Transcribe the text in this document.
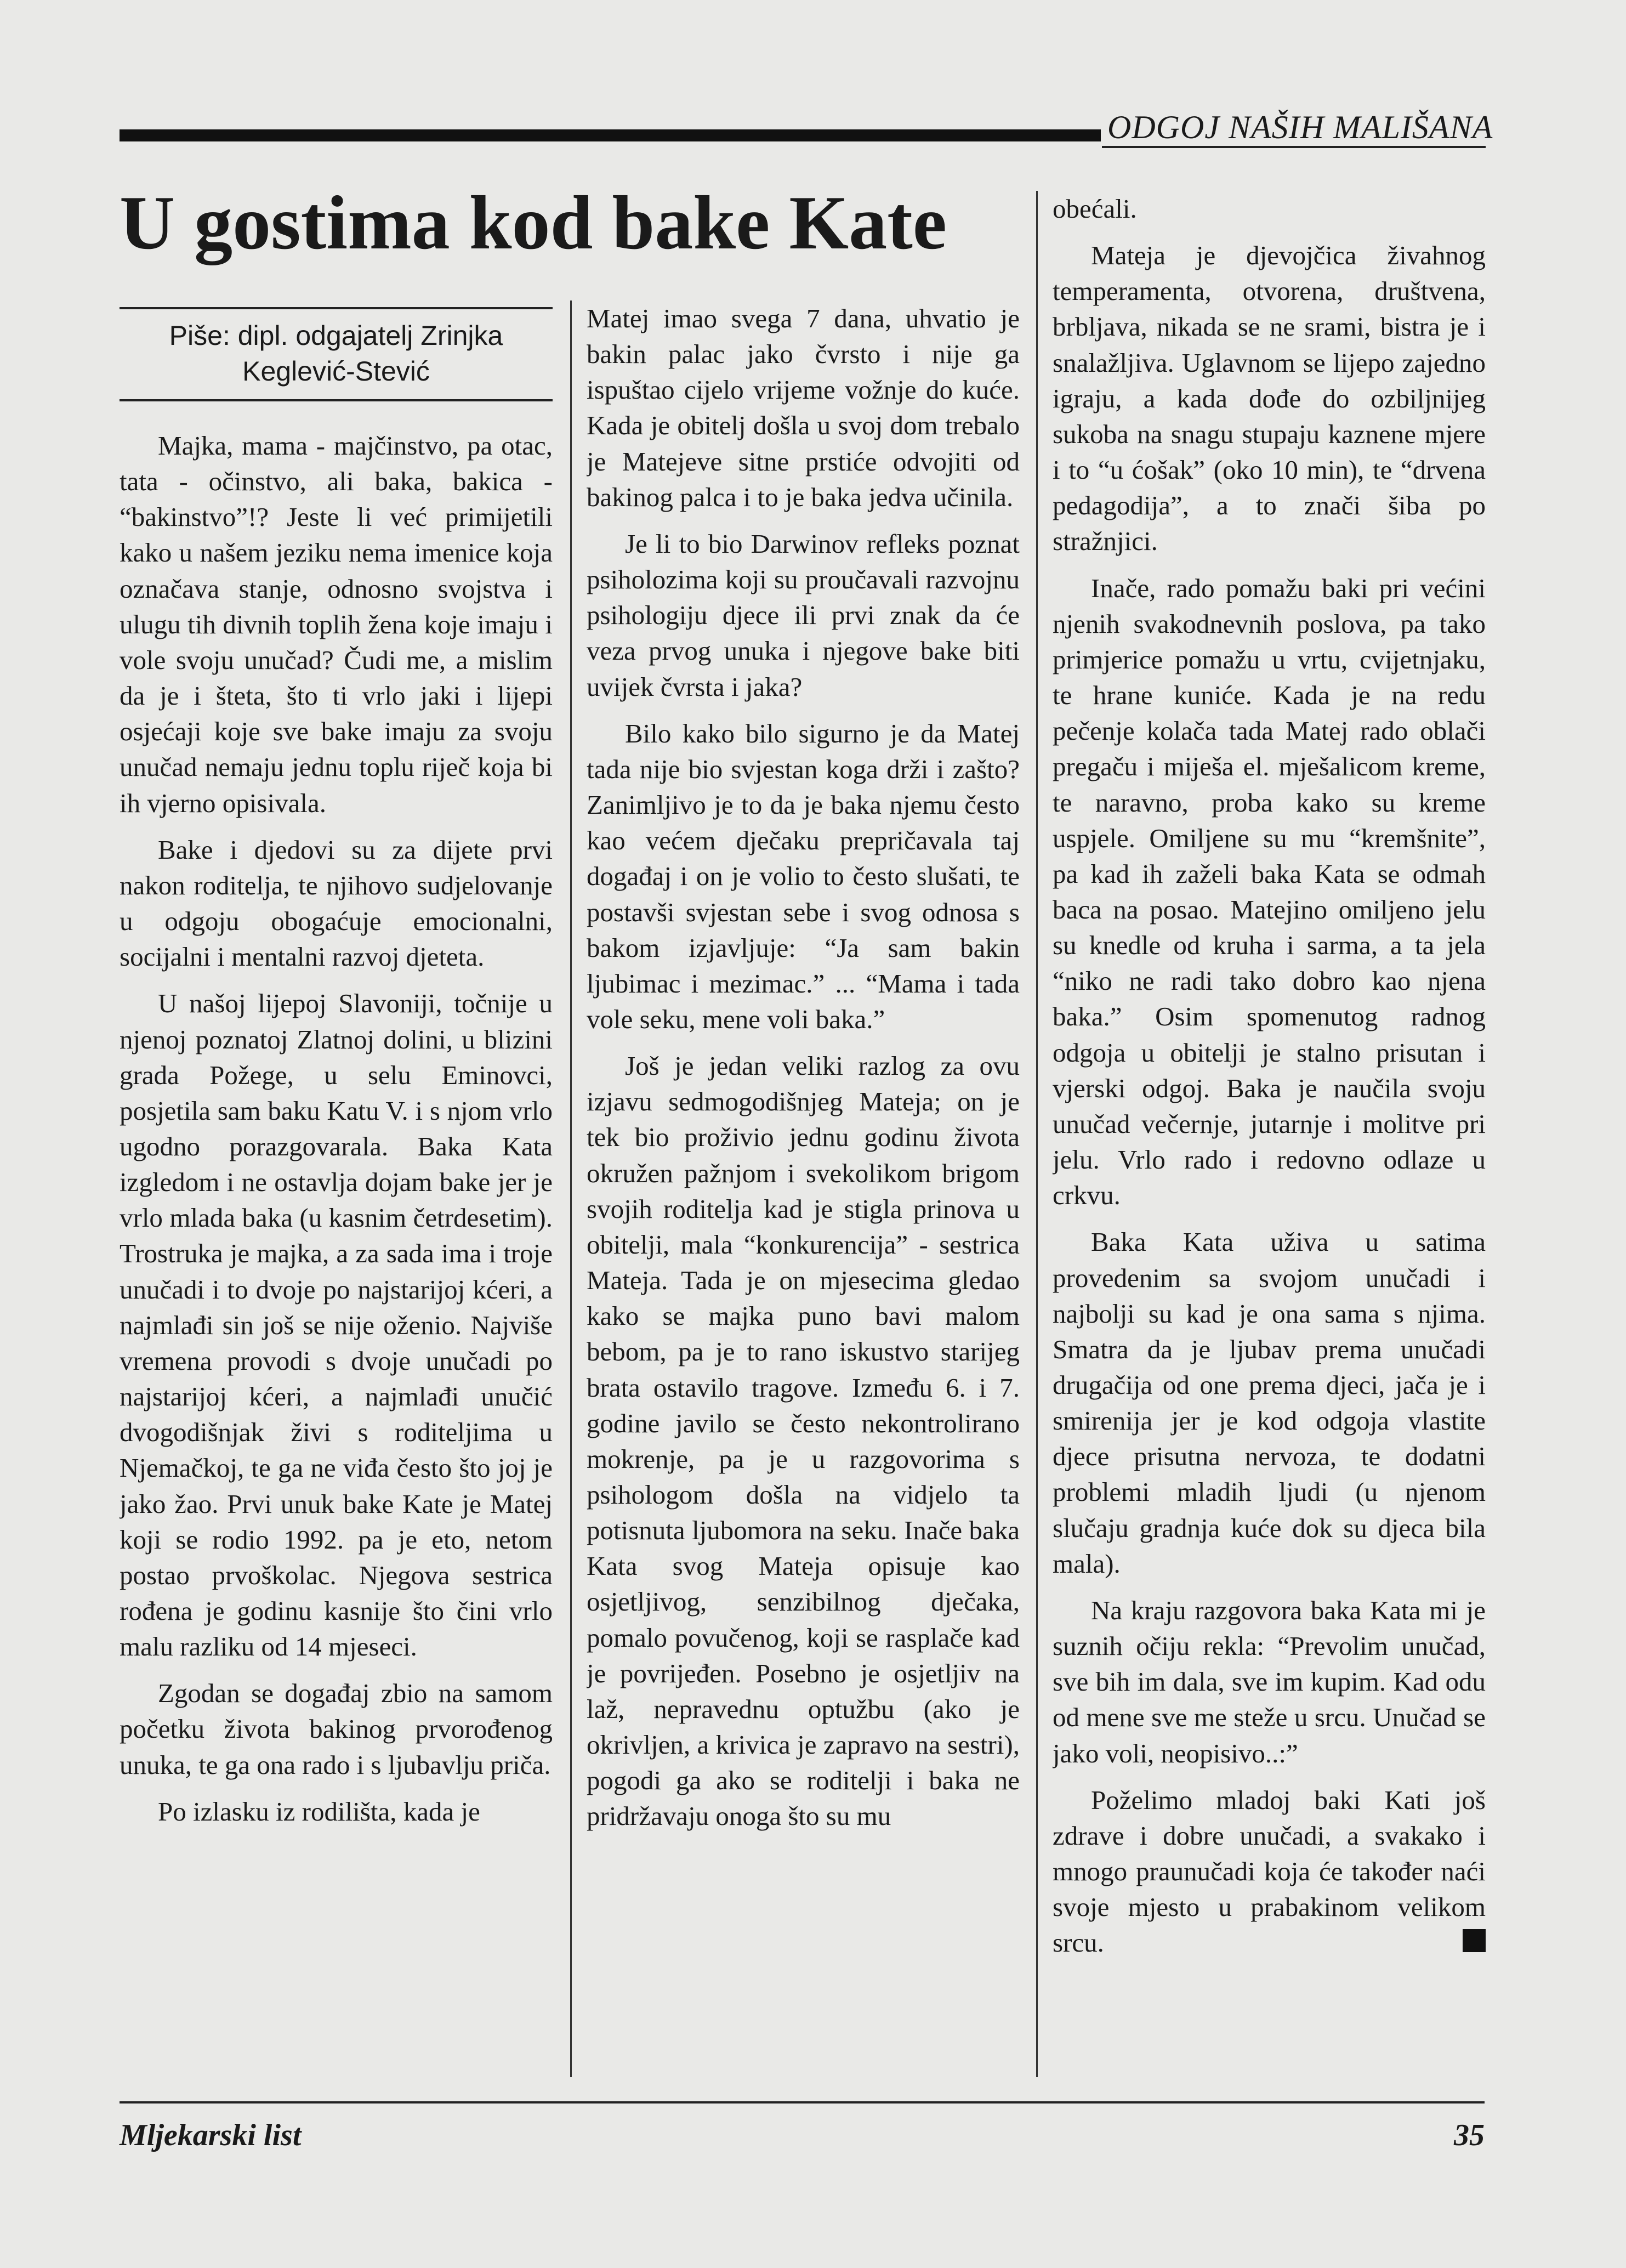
ODGOJ NAŠIH MALIŠANA
U gostima kod bake Kate
Piše: dipl. odgajatelj Zrinjka
Keglević-Stević

Majka, mama - majčinstvo, pa otac, tata - očinstvo, ali baka, bakica - “bakinstvo”!? Jeste li već primijetili kako u našem jeziku nema imenice koja označava stanje, odnosno svojstva i ulugu tih divnih toplih žena koje imaju i vole svoju unučad? Čudi me, a mislim da je i šteta, što ti vrlo jaki i lijepi osjećaji koje sve bake imaju za svoju unučad nemaju jednu toplu riječ koja bi ih vjerno opisivala.

Bake i djedovi su za dijete prvi nakon roditelja, te njihovo sudjelovanje u odgoju obogaćuje emocionalni, socijalni i mentalni razvoj djeteta.

U našoj lijepoj Slavoniji, točnije u njenoj poznatoj Zlatnoj dolini, u blizini grada Požege, u selu Eminovci, posjetila sam baku Katu V. i s njom vrlo ugodno porazgovarala. Baka Kata izgledom i ne ostavlja dojam bake jer je vrlo mlada baka (u kasnim četrdesetim). Trostruka je majka, a za sada ima i troje unučadi i to dvoje po najstarijoj kćeri, a najmlađi sin još se nije oženio. Najviše vremena provodi s dvoje unučadi po najstarijoj kćeri, a najmlađi unučić dvogodišnjak živi s roditeljima u Njemačkoj, te ga ne viđa često što joj je jako žao. Prvi unuk bake Kate je Matej koji se rodio 1992. pa je eto, netom postao prvoškolac. Njegova sestrica rođena je godinu kasnije što čini vrlo malu razliku od 14 mjeseci.

Zgodan se događaj zbio na samom početku života bakinog prvorođenog unuka, te ga ona rado i s ljubavlju priča.

Po izlasku iz rodilišta, kada je

Matej imao svega 7 dana, uhvatio je bakin palac jako čvrsto i nije ga ispuštao cijelo vrijeme vožnje do kuće. Kada je obitelj došla u svoj dom trebalo je Matejeve sitne prstiće odvojiti od bakinog palca i to je baka jedva učinila.

Je li to bio Darwinov refleks poznat psiholozima koji su proučavali razvojnu psihologiju djece ili prvi znak da će veza prvog unuka i njegove bake biti uvijek čvrsta i jaka?

Bilo kako bilo sigurno je da Matej tada nije bio svjestan koga drži i zašto? Zanimljivo je to da je baka njemu često kao većem dječaku prepričavala taj događaj i on je volio to često slušati, te postavši svjestan sebe i svog odnosa s bakom izjavljuje: “Ja sam bakin ljubimac i mezimac.” ... “Mama i tada vole seku, mene voli baka.”

Još je jedan veliki razlog za ovu izjavu sedmogodišnjeg Mateja; on je tek bio proživio jednu godinu života okružen pažnjom i svekolikom brigom svojih roditelja kad je stigla prinova u obitelji, mala “konkurencija” - sestrica Mateja. Tada je on mjesecima gledao kako se majka puno bavi malom bebom, pa je to rano iskustvo starijeg brata ostavilo tragove. Između 6. i 7. godine javilo se često nekontrolirano mokrenje, pa je u razgovorima s psihologom došla na vidjelo ta potisnuta ljubomora na seku. Inače baka Kata svog Mateja opisuje kao osjetljivog, senzibilnog dječaka, pomalo povučenog, koji se rasplače kad je povrijeđen. Posebno je osjetljiv na laž, nepravednu optužbu (ako je okrivljen, a krivica je zapravo na sestri), pogodi ga ako se roditelji i baka ne pridržavaju onoga što su mu

obećali.

Mateja je djevojčica živahnog temperamenta, otvorena, društvena, brbljava, nikada se ne srami, bistra je i snalažljiva. Uglavnom se lijepo zajedno igraju, a kada dođe do ozbiljnijeg sukoba na snagu stupaju kaznene mjere i to “u ćošak” (oko 10 min), te “drvena pedagodija”, a to znači šiba po stražnjici.

Inače, rado pomažu baki pri većini njenih svakodnevnih poslova, pa tako primjerice pomažu u vrtu, cvijetnjaku, te hrane kuniće. Kada je na redu pečenje kolača tada Matej rado oblači pregaču i miješa el. mješalicom kreme, te naravno, proba kako su kreme uspjele. Omiljene su mu “kremšnite”, pa kad ih zaželi baka Kata se odmah baca na posao. Matejino omiljeno jelu su knedle od kruha i sarma, a ta jela “niko ne radi tako dobro kao njena baka.” Osim spomenutog radnog odgoja u obitelji je stalno prisutan i vjerski odgoj. Baka je naučila svoju unučad večernje, jutarnje i molitve pri jelu. Vrlo rado i redovno odlaze u crkvu.

Baka Kata uživa u satima provedenim sa svojom unučadi i najbolji su kad je ona sama s njima. Smatra da je ljubav prema unučadi drugačija od one prema djeci, jača je i smirenija jer je kod odgoja vlastite djece prisutna nervoza, te dodatni problemi mladih ljudi (u njenom slučaju gradnja kuće dok su djeca bila mala).

Na kraju razgovora baka Kata mi je suznih očiju rekla: “Prevolim unučad, sve bih im dala, sve im kupim. Kad odu od mene sve me steže u srcu. Unučad se jako voli, neopisivo..:”

Poželimo mladoj baki Kati još zdrave i dobre unučadi, a svakako i mnogo praunučadi koja će također naći svoje mjesto u prabakinom velikom srcu.

Mljekarski list	35
